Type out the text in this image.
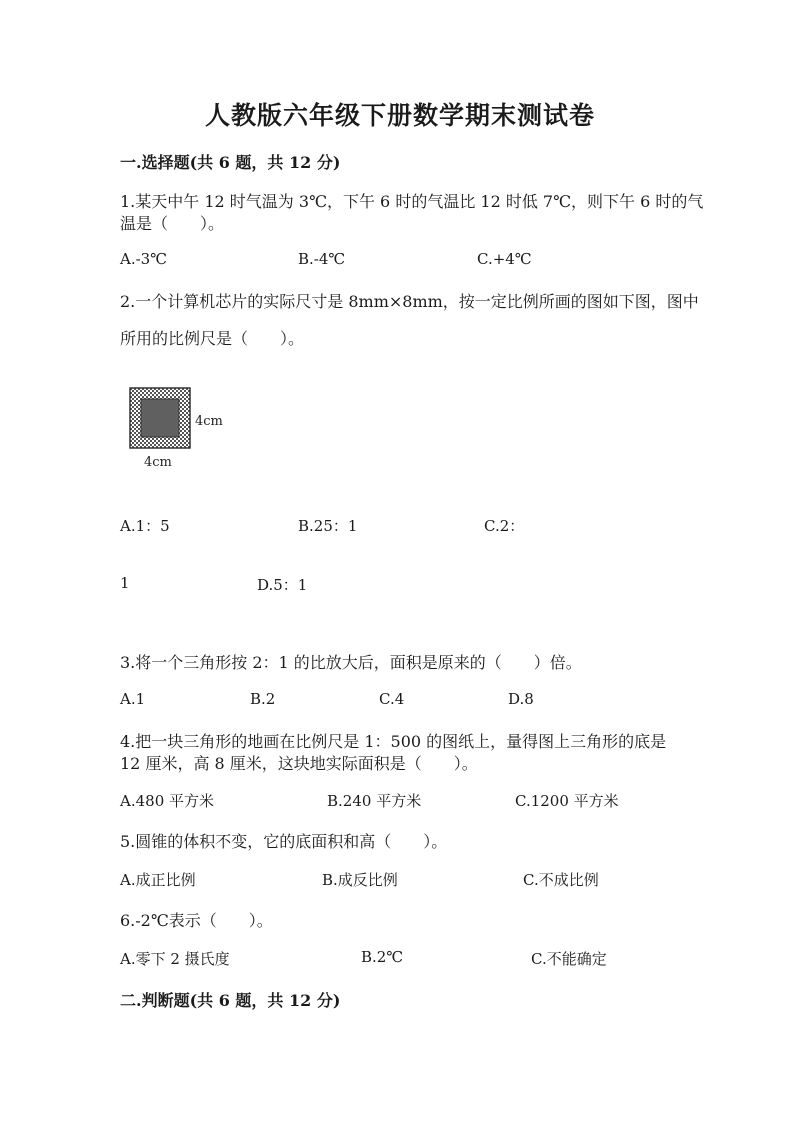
人教版六年级下册数学期末测试卷
一.选择题(共 6 题，共 12 分)
1.某天中午 12 时气温为 3℃，下午 6 时的气温比 12 时低 7℃，则下午 6 时的气
温是（　　）。
A.-3℃	B.-4℃	C.+4℃
2.一个计算机芯片的实际尺寸是 8mm×8mm，按一定比例所画的图如下图，图中
所用的比例尺是（　　）。
4cm
4cm
A.1：5	B.25：1	C.2：
1	D.5：1
3.将一个三角形按 2：1 的比放大后，面积是原来的（　　）倍。
A.1	B.2	C.4	D.8
4.把一块三角形的地画在比例尺是 1：500 的图纸上，量得图上三角形的底是
12 厘米，高 8 厘米，这块地实际面积是（　　）。
A.480 平方米	B.240 平方米	C.1200 平方米
5.圆锥的体积不变，它的底面积和高（　　）。
A.成正比例	B.成反比例	C.不成比例
6.-2℃表示（　　）。
A.零下 2 摄氏度	B.2℃	C.不能确定
二.判断题(共 6 题，共 12 分)
